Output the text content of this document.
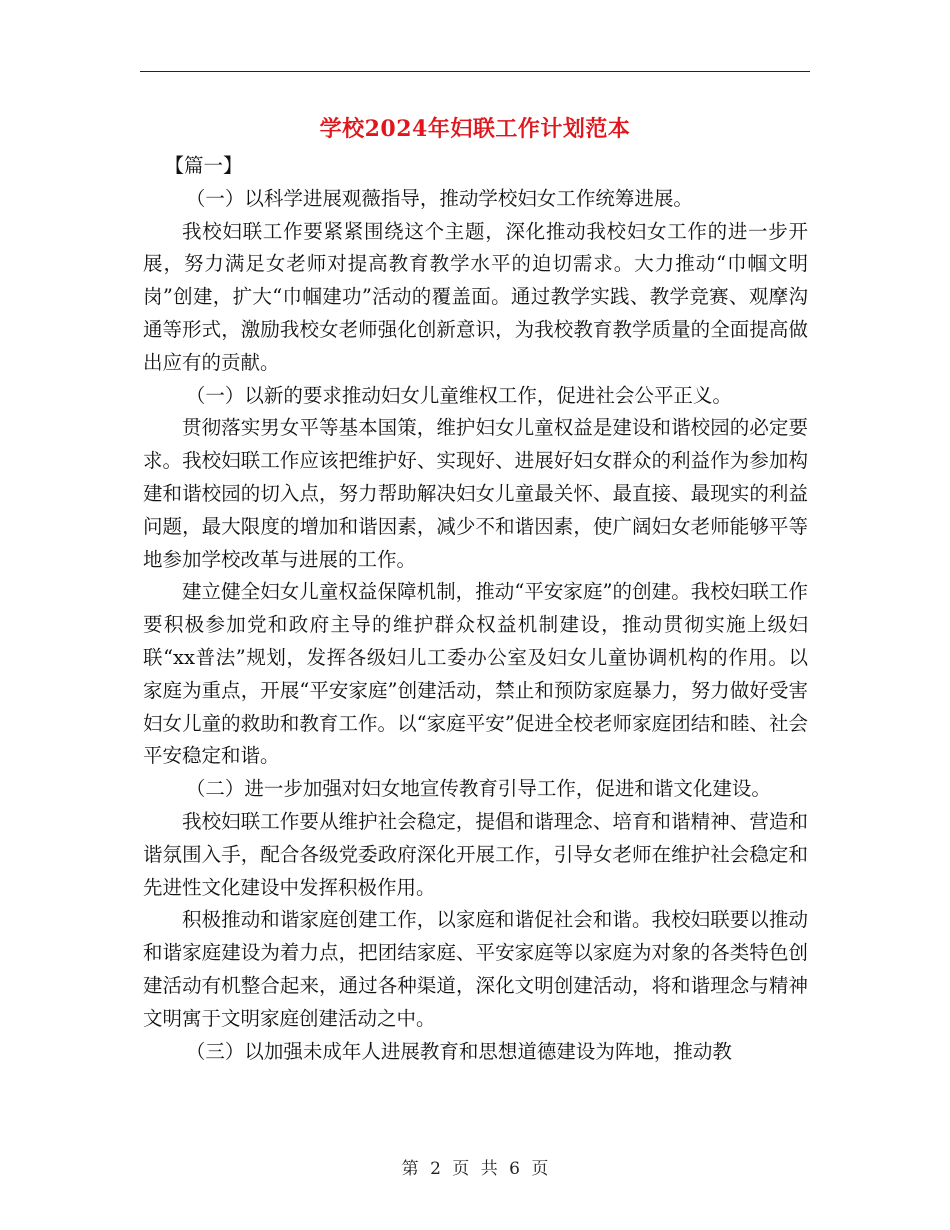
学校2024年妇联工作计划范本

【篇一】

（一）以科学进展观薇指导，推动学校妇女工作统筹进展。

我校妇联工作要紧紧围绕这个主题，深化推动我校妇女工作的进一步开展，努力满足女老师对提高教育教学水平的迫切需求。大力推动“巾帼文明岗”创建，扩大“巾帼建功”活动的覆盖面。通过教学实践、教学竞赛、观摩沟通等形式，激励我校女老师强化创新意识，为我校教育教学质量的全面提高做出应有的贡献。

（一）以新的要求推动妇女儿童维权工作，促进社会公平正义。

贯彻落实男女平等基本国策，维护妇女儿童权益是建设和谐校园的必定要求。我校妇联工作应该把维护好、实现好、进展好妇女群众的利益作为参加构建和谐校园的切入点，努力帮助解决妇女儿童最关怀、最直接、最现实的利益问题，最大限度的增加和谐因素，减少不和谐因素，使广阔妇女老师能够平等地参加学校改革与进展的工作。

建立健全妇女儿童权益保障机制，推动“平安家庭”的创建。我校妇联工作要积极参加党和政府主导的维护群众权益机制建设，推动贯彻实施上级妇联“xx普法”规划，发挥各级妇儿工委办公室及妇女儿童协调机构的作用。以家庭为重点，开展“平安家庭”创建活动，禁止和预防家庭暴力，努力做好受害妇女儿童的救助和教育工作。以“家庭平安”促进全校老师家庭团结和睦、社会平安稳定和谐。

（二）进一步加强对妇女地宣传教育引导工作，促进和谐文化建设。

我校妇联工作要从维护社会稳定，提倡和谐理念、培育和谐精神、营造和谐氛围入手，配合各级党委政府深化开展工作，引导女老师在维护社会稳定和先进性文化建设中发挥积极作用。

积极推动和谐家庭创建工作，以家庭和谐促社会和谐。我校妇联要以推动和谐家庭建设为着力点，把团结家庭、平安家庭等以家庭为对象的各类特色创建活动有机整合起来，通过各种渠道，深化文明创建活动，将和谐理念与精神文明寓于文明家庭创建活动之中。

（三）以加强未成年人进展教育和思想道德建设为阵地，推动教

第 2 页 共 6 页
